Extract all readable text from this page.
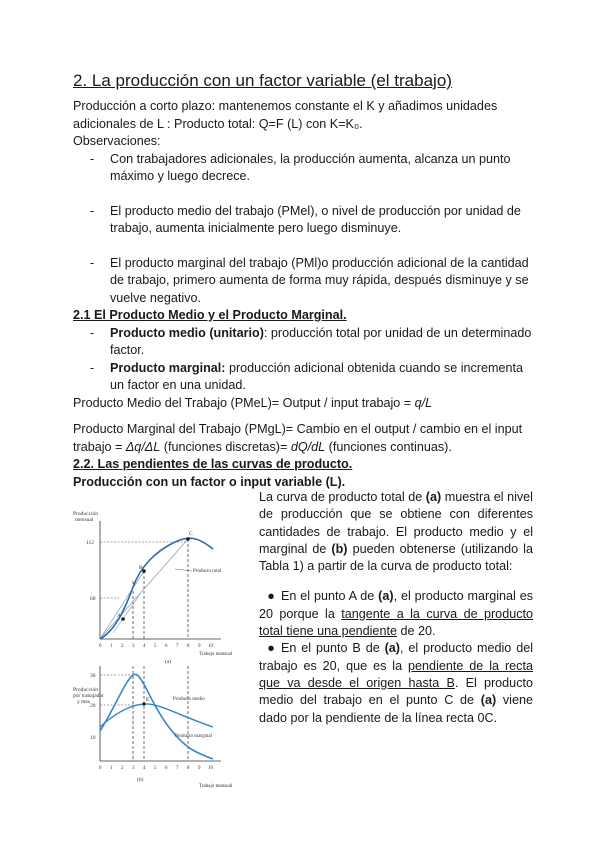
2. La producción con un factor variable (el trabajo)

Producción a corto plazo: mantenemos constante el K y añadimos unidades

adicionales de L : Producto total: Q=F (L) con K=K₀.

Observaciones:

- Con trabajadores adicionales, la producción aumenta, alcanza un punto máximo y luego decrece.
- El producto medio del trabajo (PMel), o nivel de producción por unidad de trabajo, aumenta inicialmente pero luego disminuye.
- El producto marginal del trabajo (PMl)o producción adicional de la cantidad de trabajo, primero aumenta de forma muy rápida, después disminuye y se vuelve negativo.

2.1 El Producto Medio y el Producto Marginal.

- Producto medio (unitario): producción total por unidad de un determinado factor.
- Producto marginal: producción adicional obtenida cuando se incrementa un factor en una unidad.

Producto Medio del Trabajo (PMeL)= Output / input trabajo = q/L

Producto Marginal del Trabajo (PMgL)= Cambio en el output / cambio en el input trabajo = Δq/ΔL (funciones discretas)= dQ/dL (funciones continuas).

2.2. Las pendientes de las curvas de producto.

Producción con un factor o input variable (L).

Producción
mensual
112
60
A
B
C
Producto total
0 1 2 3 4 5 6 7 8 9 10
Trabajo mensual
(a)
Producción
por trabajador
y mes
30
20
10
E	Producto medio
Producto marginal
0 1 2 3 4 5 6 7 8 9 10
(b)
Trabajo mensual

La curva de producto total de (a) muestra el nivel de producción que se obtiene con diferentes cantidades de trabajo. El producto medio y el marginal de (b) pueden obtenerse (utilizando la Tabla 1) a partir de la curva de producto total:

● En el punto A de (a), el producto marginal es 20 porque la tangente a la curva de producto total tiene una pendiente de 20.

● En el punto B de (a), el producto medio del trabajo es 20, que es la pendiente de la recta que va desde el origen hasta B. El producto medio del trabajo en el punto C de (a) viene dado por la pendiente de la línea recta 0C.
